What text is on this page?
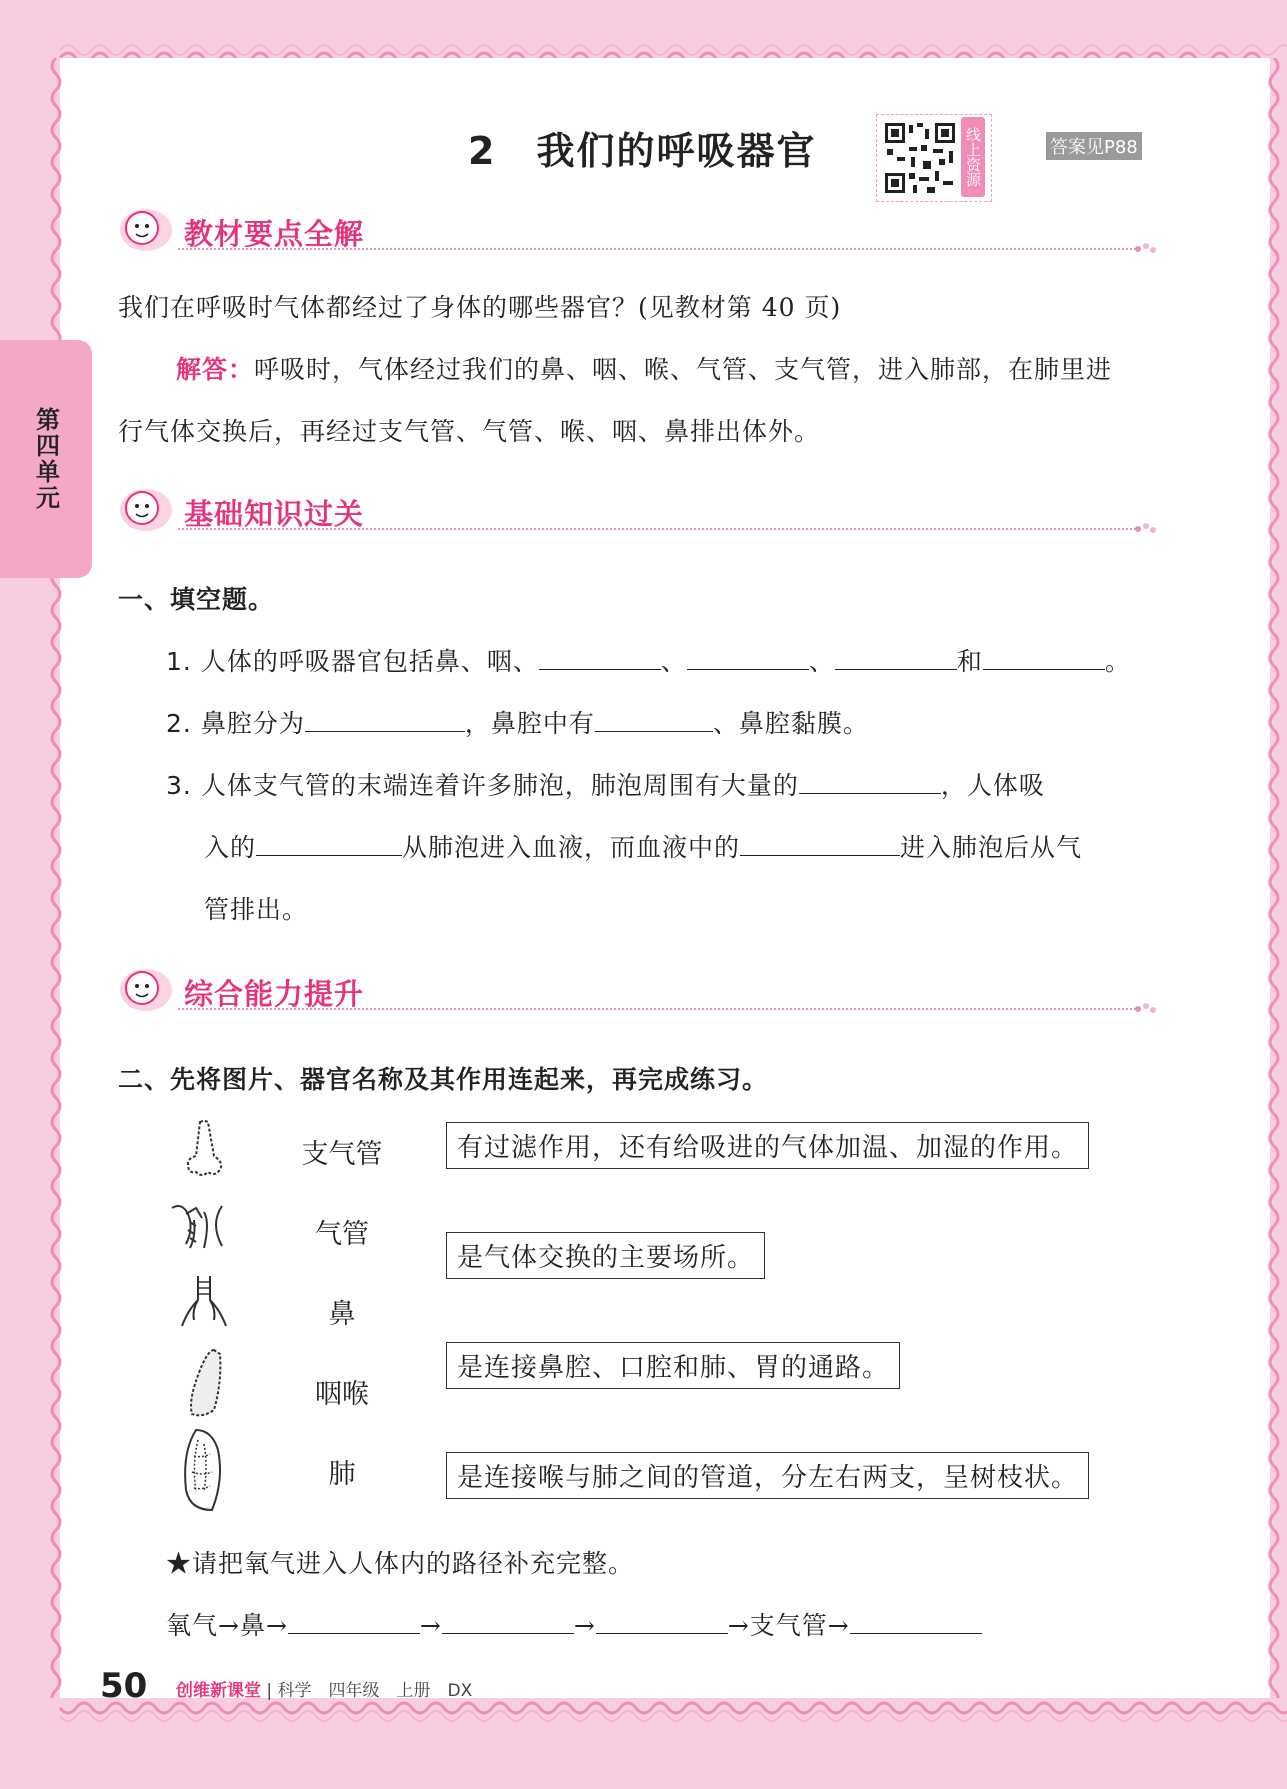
第四单元
2　我们的呼吸器官	线上资源	答案见P88
教材要点全解
我们在呼吸时气体都经过了身体的哪些器官？(见教材第 40 页)
解答：呼吸时，气体经过我们的鼻、咽、喉、气管、支气管，进入肺部，在肺里进
行气体交换后，再经过支气管、气管、喉、咽、鼻排出体外。
基础知识过关
一、填空题。
1. 人体的呼吸器官包括鼻、咽、	、	、	和	。
2. 鼻腔分为	，鼻腔中有	、鼻腔黏膜。
3. 人体支气管的末端连着许多肺泡，肺泡周围有大量的	，人体吸
入的	从肺泡进入血液，而血液中的	进入肺泡后从气
管排出。
综合能力提升
二、先将图片、器官名称及其作用连起来，再完成练习。
支气管
气管
鼻
咽喉
肺
有过滤作用，还有给吸进的气体加温、加湿的作用。
是气体交换的主要场所。
是连接鼻腔、口腔和肺、胃的通路。
是连接喉与肺之间的管道，分左右两支，呈树枝状。
★请把氧气进入人体内的路径补充完整。
氧气→鼻→	→	→	→支气管→
50 创维新课堂 | 科学　四年级　上册　DX
